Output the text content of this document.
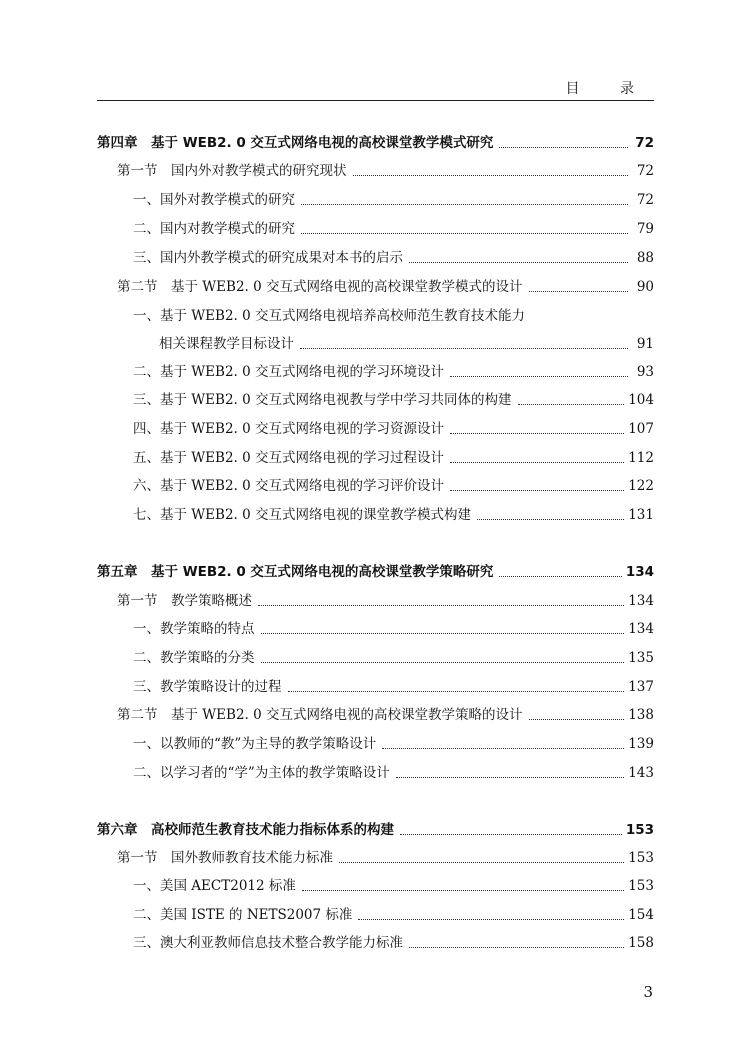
目 录
第四章　基于 WEB2. 0 交互式网络电视的高校课堂教学模式研究	72
第一节　国内外对教学模式的研究现状	72
一、国外对教学模式的研究	72
二、国内对教学模式的研究	79
三、国内外教学模式的研究成果对本书的启示	88
第二节　基于 WEB2. 0 交互式网络电视的高校课堂教学模式的设计	90
一、基于 WEB2. 0 交互式网络电视培养高校师范生教育技术能力
相关课程教学目标设计	91
二、基于 WEB2. 0 交互式网络电视的学习环境设计	93
三、基于 WEB2. 0 交互式网络电视教与学中学习共同体的构建	104
四、基于 WEB2. 0 交互式网络电视的学习资源设计	107
五、基于 WEB2. 0 交互式网络电视的学习过程设计	112
六、基于 WEB2. 0 交互式网络电视的学习评价设计	122
七、基于 WEB2. 0 交互式网络电视的课堂教学模式构建	131
第五章　基于 WEB2. 0 交互式网络电视的高校课堂教学策略研究	134
第一节　教学策略概述	134
一、教学策略的特点	134
二、教学策略的分类	135
三、教学策略设计的过程	137
第二节　基于 WEB2. 0 交互式网络电视的高校课堂教学策略的设计	138
一、以教师的“教”为主导的教学策略设计	139
二、以学习者的“学”为主体的教学策略设计	143
第六章　高校师范生教育技术能力指标体系的构建	153
第一节　国外教师教育技术能力标准	153
一、美国 AECT2012 标准	153
二、美国 ISTE 的 NETS2007 标准	154
三、澳大利亚教师信息技术整合教学能力标准	158
3
